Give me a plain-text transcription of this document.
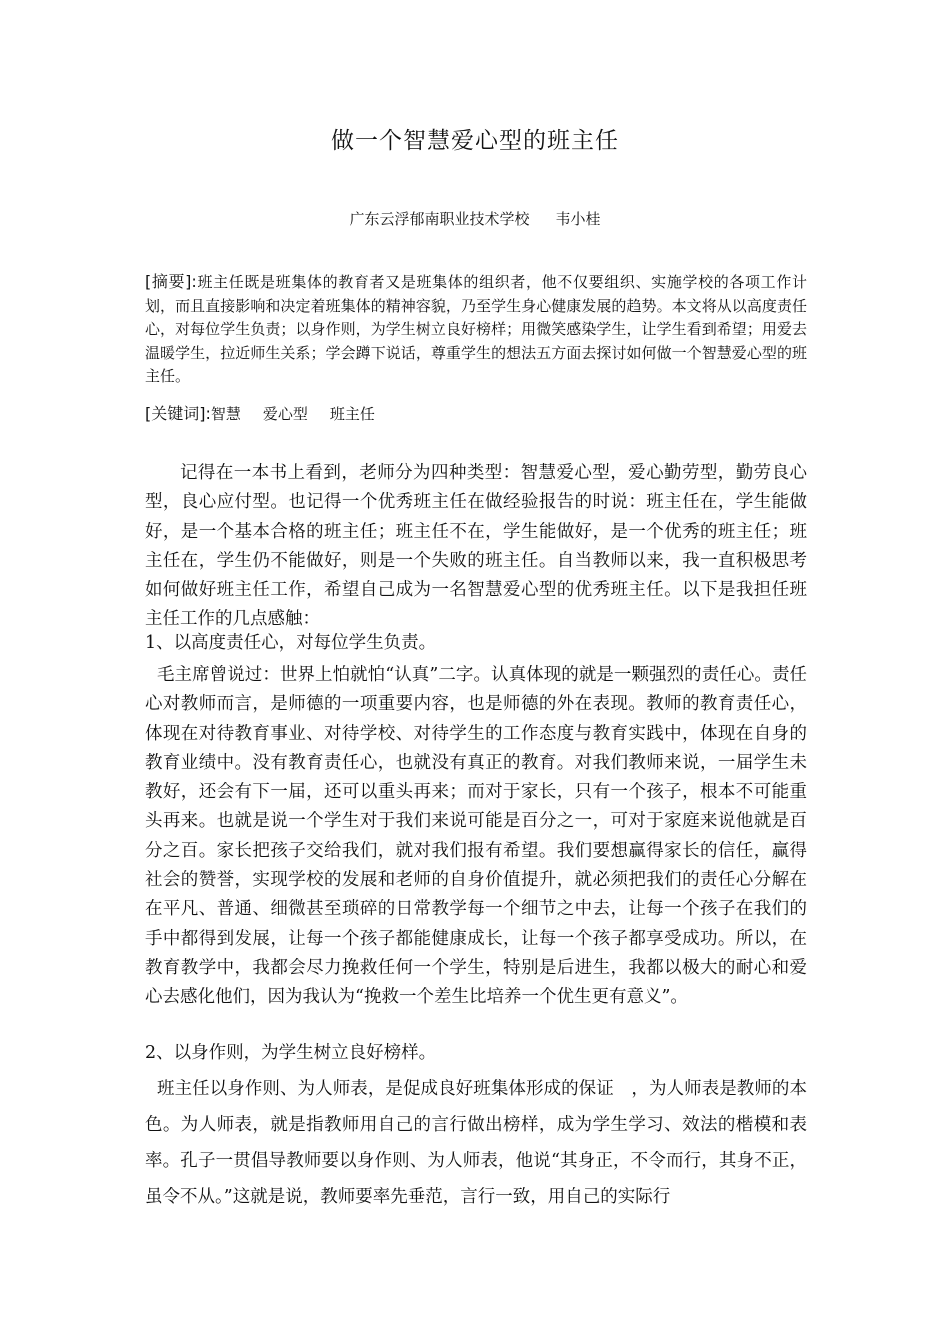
做一个智慧爱心型的班主任
广东云浮郁南职业技术学校 韦小桂
[摘要]:班主任既是班集体的教育者又是班集体的组织者，他不仅要组织、实施学校的各项工作计划，而且直接影响和决定着班集体的精神容貌，乃至学生身心健康发展的趋势。本文将从以高度责任心，对每位学生负责；以身作则，为学生树立良好榜样；用微笑感染学生，让学生看到希望；用爱去温暖学生，拉近师生关系；学会蹲下说话，尊重学生的想法五方面去探讨如何做一个智慧爱心型的班主任。
[关键词]:智慧 爱心型 班主任
记得在一本书上看到，老师分为四种类型：智慧爱心型，爱心勤劳型，勤劳良心型，良心应付型。也记得一个优秀班主任在做经验报告的时说：班主任在，学生能做好，是一个基本合格的班主任；班主任不在，学生能做好，是一个优秀的班主任；班主任在，学生仍不能做好，则是一个失败的班主任。自当教师以来，我一直积极思考如何做好班主任工作，希望自己成为一名智慧爱心型的优秀班主任。以下是我担任班主任工作的几点感触：
1、以高度责任心，对每位学生负责。
毛主席曾说过：世界上怕就怕“认真”二字。认真体现的就是一颗强烈的责任心。责任心对教师而言，是师德的一项重要内容，也是师德的外在表现。教师的教育责任心，体现在对待教育事业、对待学校、对待学生的工作态度与教育实践中，体现在自身的教育业绩中。没有教育责任心，也就没有真正的教育。对我们教师来说，一届学生未教好，还会有下一届，还可以重头再来；而对于家长，只有一个孩子，根本不可能重头再来。也就是说一个学生对于我们来说可能是百分之一，可对于家庭来说他就是百分之百。家长把孩子交给我们，就对我们报有希望。我们要想赢得家长的信任，赢得社会的赞誉，实现学校的发展和老师的自身价值提升，就必须把我们的责任心分解在在平凡、普通、细微甚至琐碎的日常教学每一个细节之中去，让每一个孩子在我们的手中都得到发展，让每一个孩子都能健康成长，让每一个孩子都享受成功。所以，在教育教学中，我都会尽力挽救任何一个学生，特别是后进生，我都以极大的耐心和爱心去感化他们，因为我认为“挽救一个差生比培养一个优生更有意义”。
2、以身作则，为学生树立良好榜样。
班主任以身作则、为人师表，是促成良好班集体形成的保证　，为人师表是教师的本色。为人师表，就是指教师用自己的言行做出榜样，成为学生学习、效法的楷模和表率。孔子一贯倡导教师要以身作则、为人师表，他说“其身正，不令而行，其身不正，虽令不从。”这就是说，教师要率先垂范，言行一致，用自己的实际行
